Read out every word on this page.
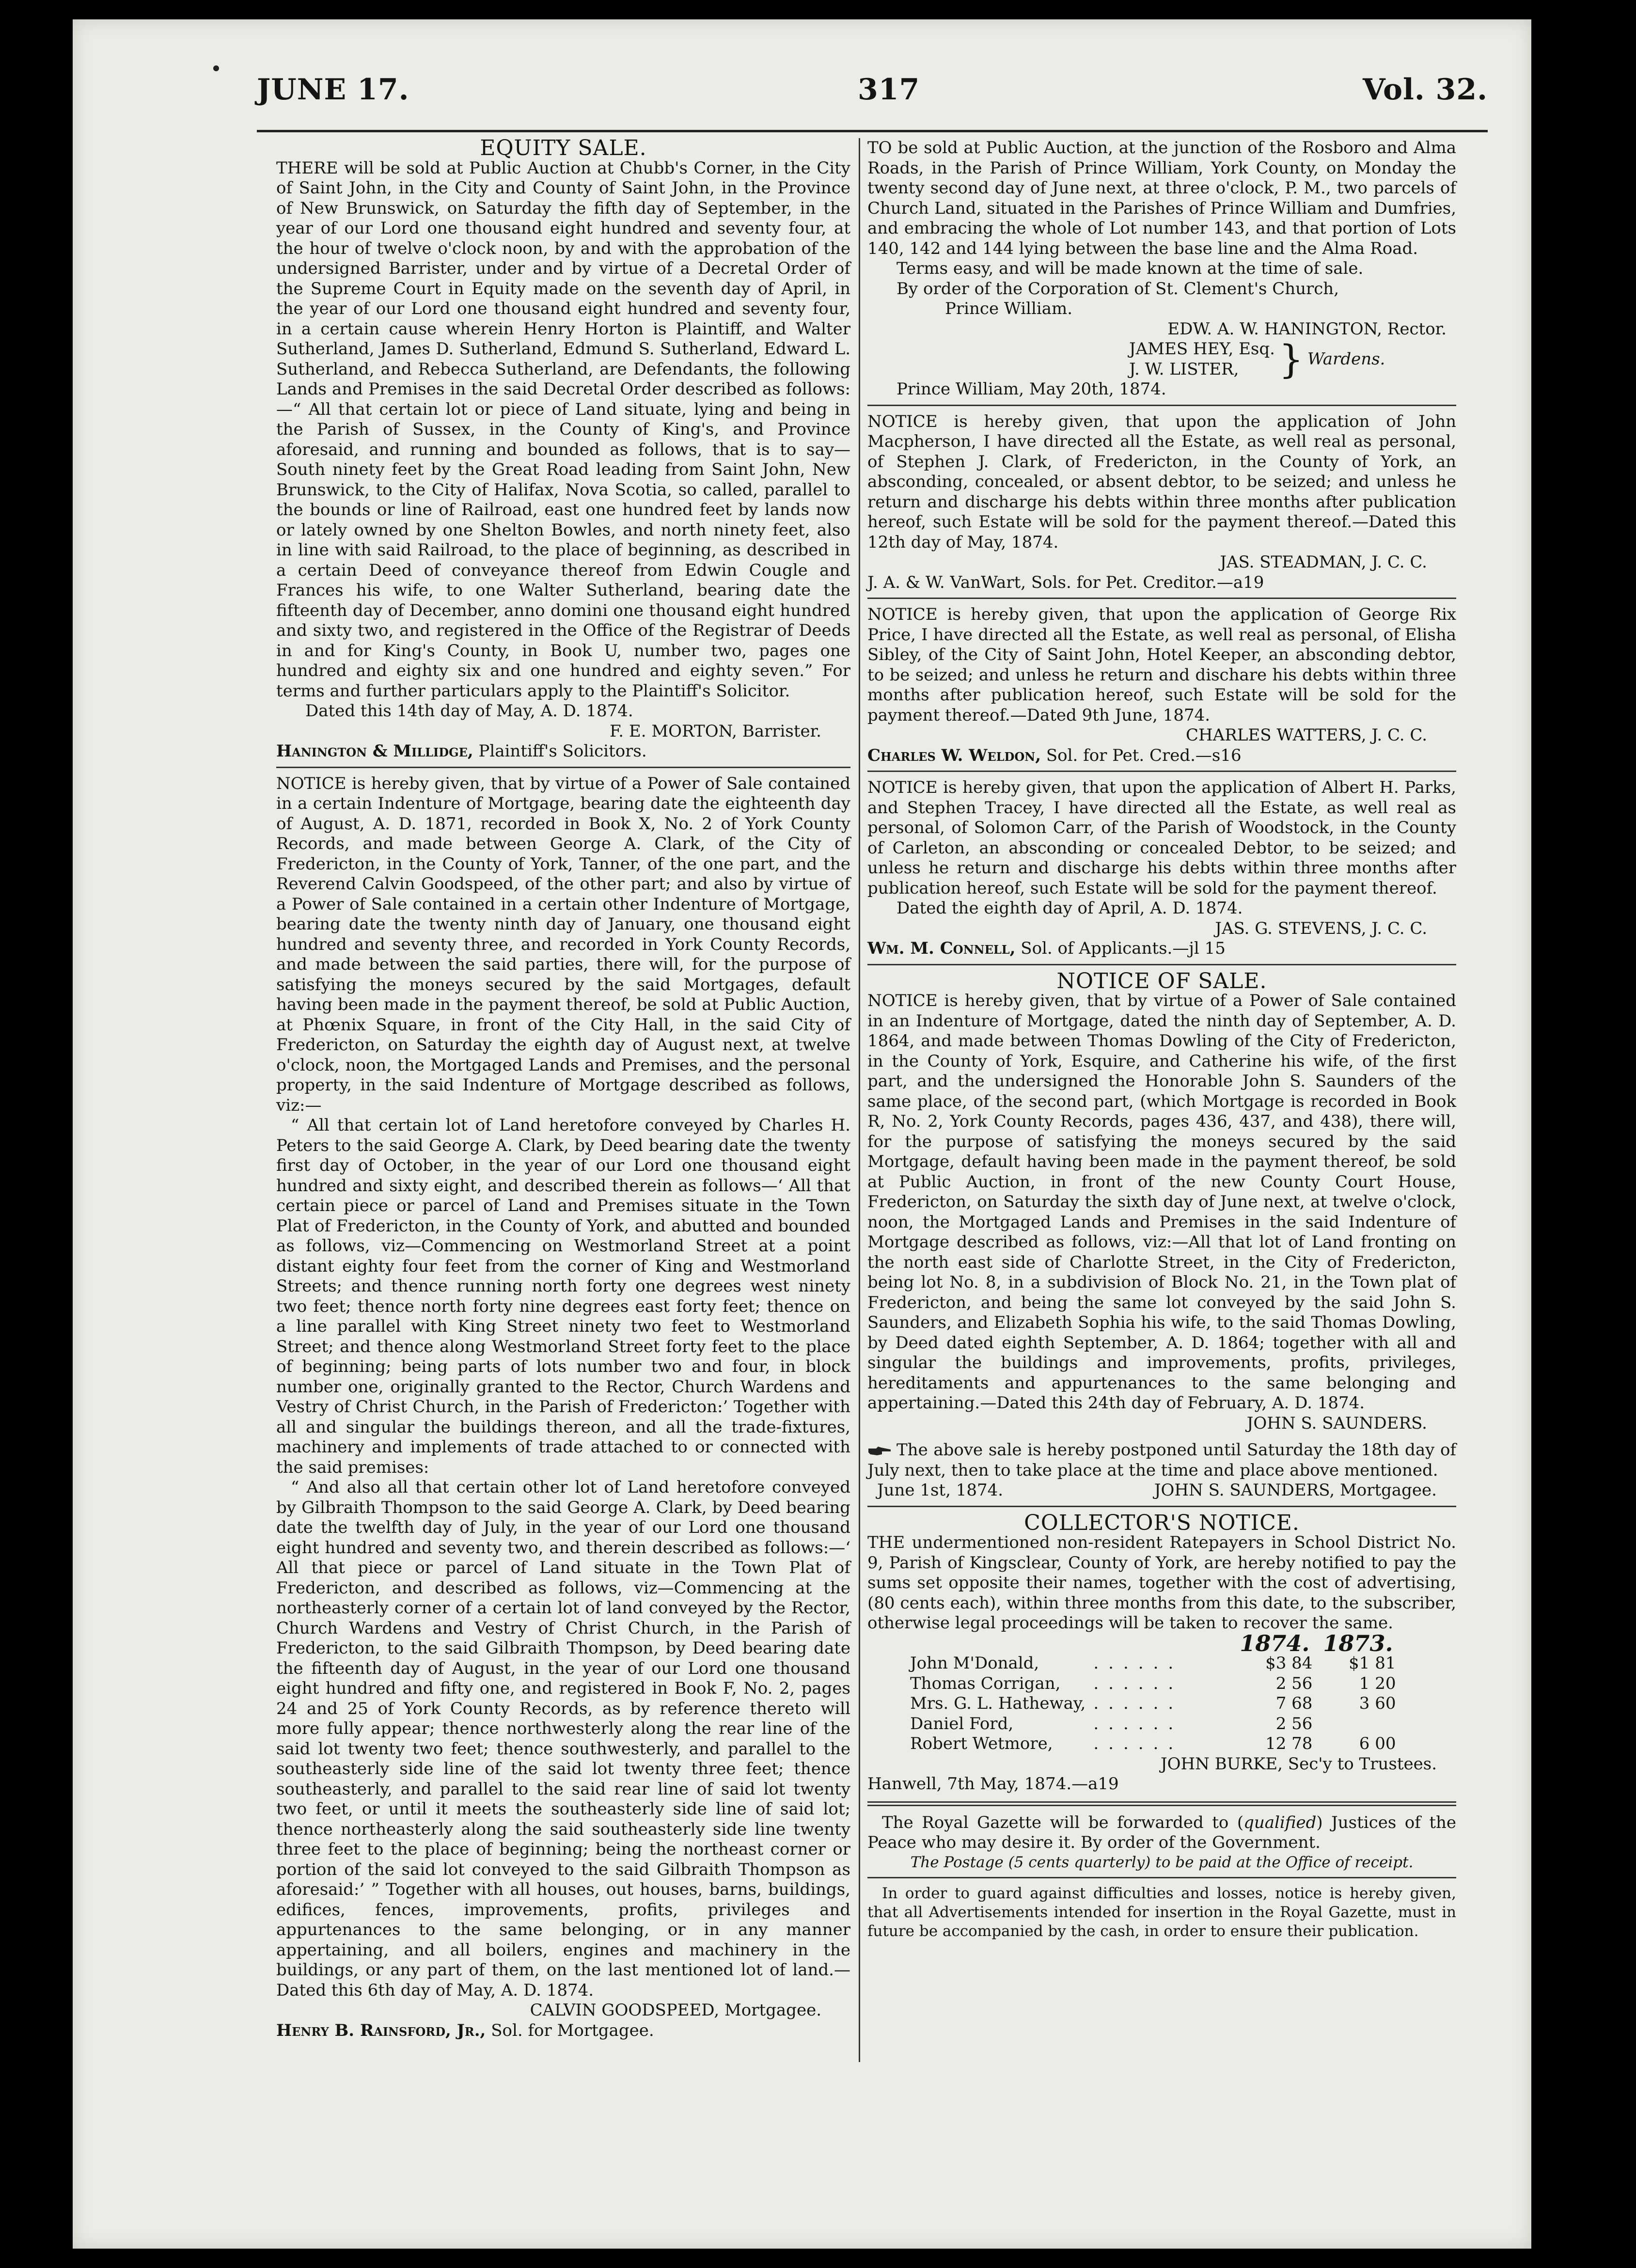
JUNE 17.	317	Vol. 32.

EQUITY SALE.

THERE will be sold at Public Auction at Chubb's Corner, in the City of Saint John, in the City and County of Saint John, in the Province of New Brunswick, on Saturday the fifth day of September, in the year of our Lord one thousand eight hundred and seventy four, at the hour of twelve o'clock noon, by and with the approbation of the undersigned Barrister, under and by virtue of a Decretal Order of the Supreme Court in Equity made on the seventh day of April, in the year of our Lord one thousand eight hundred and seventy four, in a certain cause wherein Henry Horton is Plaintiff, and Walter Sutherland, James D. Sutherland, Edmund S. Sutherland, Edward L. Sutherland, and Rebecca Sutherland, are Defendants, the following Lands and Premises in the said Decretal Order described as follows:—“ All that certain lot or piece of Land situate, lying and being in the Parish of Sussex, in the County of King's, and Province aforesaid, and running and bounded as follows, that is to say—South ninety feet by the Great Road leading from Saint John, New Brunswick, to the City of Halifax, Nova Scotia, so called, parallel to the bounds or line of Railroad, east one hundred feet by lands now or lately owned by one Shelton Bowles, and north ninety feet, also in line with said Railroad, to the place of beginning, as described in a certain Deed of conveyance thereof from Edwin Cougle and Frances his wife, to one Walter Sutherland, bearing date the fifteenth day of December, anno domini one thousand eight hundred and sixty two, and registered in the Office of the Registrar of Deeds in and for King's County, in Book U, number two, pages one hundred and eighty six and one hundred and eighty seven.” For terms and further particulars apply to the Plaintiff's Solicitor.

Dated this 14th day of May, A. D. 1874.

F. E. MORTON, Barrister.

Hanington & Millidge, Plaintiff's Solicitors.

NOTICE is hereby given, that by virtue of a Power of Sale contained in a certain Indenture of Mortgage, bearing date the eighteenth day of August, A. D. 1871, recorded in Book X, No. 2 of York County Records, and made between George A. Clark, of the City of Fredericton, in the County of York, Tanner, of the one part, and the Reverend Calvin Goodspeed, of the other part; and also by virtue of a Power of Sale contained in a certain other Indenture of Mortgage, bearing date the twenty ninth day of January, one thousand eight hundred and seventy three, and recorded in York County Records, and made between the said parties, there will, for the purpose of satisfying the moneys secured by the said Mortgages, default having been made in the payment thereof, be sold at Public Auction, at Phœnix Square, in front of the City Hall, in the said City of Fredericton, on Saturday the eighth day of August next, at twelve o'clock, noon, the Mortgaged Lands and Premises, and the personal property, in the said Indenture of Mortgage described as follows, viz:—

“ All that certain lot of Land heretofore conveyed by Charles H. Peters to the said George A. Clark, by Deed bearing date the twenty first day of October, in the year of our Lord one thousand eight hundred and sixty eight, and described therein as follows—‘ All that certain piece or parcel of Land and Premises situate in the Town Plat of Fredericton, in the County of York, and abutted and bounded as follows, viz—Commencing on Westmorland Street at a point distant eighty four feet from the corner of King and Westmorland Streets; and thence running north forty one degrees west ninety two feet; thence north forty nine degrees east forty feet; thence on a line parallel with King Street ninety two feet to Westmorland Street; and thence along Westmorland Street forty feet to the place of beginning; being parts of lots number two and four, in block number one, originally granted to the Rector, Church Wardens and Vestry of Christ Church, in the Parish of Fredericton:’ Together with all and singular the buildings thereon, and all the trade-fixtures, machinery and implements of trade attached to or connected with the said premises:

“ And also all that certain other lot of Land heretofore conveyed by Gilbraith Thompson to the said George A. Clark, by Deed bearing date the twelfth day of July, in the year of our Lord one thousand eight hundred and seventy two, and therein described as follows:—‘ All that piece or parcel of Land situate in the Town Plat of Fredericton, and described as follows, viz—Commencing at the northeasterly corner of a certain lot of land conveyed by the Rector, Church Wardens and Vestry of Christ Church, in the Parish of Fredericton, to the said Gilbraith Thompson, by Deed bearing date the fifteenth day of August, in the year of our Lord one thousand eight hundred and fifty one, and registered in Book F, No. 2, pages 24 and 25 of York County Records, as by reference thereto will more fully appear; thence northwesterly along the rear line of the said lot twenty two feet; thence southwesterly, and parallel to the southeasterly side line of the said lot twenty three feet; thence southeasterly, and parallel to the said rear line of said lot twenty two feet, or until it meets the southeasterly side line of said lot; thence northeasterly along the said southeasterly side line twenty three feet to the place of beginning; being the northeast corner or portion of the said lot conveyed to the said Gilbraith Thompson as aforesaid:’ ” Together with all houses, out houses, barns, buildings, edifices, fences, improvements, profits, privileges and appurtenances to the same belonging, or in any manner appertaining, and all boilers, engines and machinery in the buildings, or any part of them, on the last mentioned lot of land.—Dated this 6th day of May, A. D. 1874.

CALVIN GOODSPEED, Mortgagee.

Henry B. Rainsford, Jr., Sol. for Mortgagee.

TO be sold at Public Auction, at the junction of the Rosboro and Alma Roads, in the Parish of Prince William, York County, on Monday the twenty second day of June next, at three o'clock, P. M., two parcels of Church Land, situated in the Parishes of Prince William and Dumfries, and embracing the whole of Lot number 143, and that portion of Lots 140, 142 and 144 lying between the base line and the Alma Road.

Terms easy, and will be made known at the time of sale.

By order of the Corporation of St. Clement's Church,

Prince William.

EDW. A. W. HANINGTON, Rector.

JAMES HEY, Esq.
J. W. LISTER,	} Wardens.

Prince William, May 20th, 1874.

NOTICE is hereby given, that upon the application of John Macpherson, I have directed all the Estate, as well real as personal, of Stephen J. Clark, of Fredericton, in the County of York, an absconding, concealed, or absent debtor, to be seized; and unless he return and discharge his debts within three months after publication hereof, such Estate will be sold for the payment thereof.—Dated this 12th day of May, 1874.

JAS. STEADMAN, J. C. C.

J. A. & W. VanWart, Sols. for Pet. Creditor.—a19

NOTICE is hereby given, that upon the application of George Rix Price, I have directed all the Estate, as well real as personal, of Elisha Sibley, of the City of Saint John, Hotel Keeper, an absconding debtor, to be seized; and unless he return and dischare his debts within three months after publication hereof, such Estate will be sold for the payment thereof.—Dated 9th June, 1874.

CHARLES WATTERS, J. C. C.

Charles W. Weldon, Sol. for Pet. Cred.—s16

NOTICE is hereby given, that upon the application of Albert H. Parks, and Stephen Tracey, I have directed all the Estate, as well real as personal, of Solomon Carr, of the Parish of Woodstock, in the County of Carleton, an absconding or concealed Debtor, to be seized; and unless he return and discharge his debts within three months after publication hereof, such Estate will be sold for the payment thereof.

Dated the eighth day of April, A. D. 1874.

JAS. G. STEVENS, J. C. C.

Wm. M. Connell, Sol. of Applicants.—jl 15

NOTICE OF SALE.

NOTICE is hereby given, that by virtue of a Power of Sale contained in an Indenture of Mortgage, dated the ninth day of September, A. D. 1864, and made between Thomas Dowling of the City of Fredericton, in the County of York, Esquire, and Catherine his wife, of the first part, and the undersigned the Honorable John S. Saunders of the same place, of the second part, (which Mortgage is recorded in Book R, No. 2, York County Records, pages 436, 437, and 438), there will, for the purpose of satisfying the moneys secured by the said Mortgage, default having been made in the payment thereof, be sold at Public Auction, in front of the new County Court House, Fredericton, on Saturday the sixth day of June next, at twelve o'clock, noon, the Mortgaged Lands and Premises in the said Indenture of Mortgage described as follows, viz:—All that lot of Land fronting on the north east side of Charlotte Street, in the City of Fredericton, being lot No. 8, in a subdivision of Block No. 21, in the Town plat of Fredericton, and being the same lot conveyed by the said John S. Saunders, and Elizabeth Sophia his wife, to the said Thomas Dowling, by Deed dated eighth September, A. D. 1864; together with all and singular the buildings and improvements, profits, privileges, hereditaments and appurtenances to the same belonging and appertaining.—Dated this 24th day of February, A. D. 1874.

JOHN S. SAUNDERS.

The above sale is hereby postponed until Saturday the 18th day of July next, then to take place at the time and place above mentioned.

June 1st, 1874.	JOHN S. SAUNDERS, Mortgagee.

COLLECTOR'S NOTICE.

THE undermentioned non-resident Ratepayers in School District No. 9, Parish of Kingsclear, County of York, are hereby notified to pay the sums set opposite their names, together with the cost of advertising, (80 cents each), within three months from this date, to the subscriber, otherwise legal proceedings will be taken to recover the same.

		1874.	1873.
John M'Donald,	......	$3 84	$1 81
Thomas Corrigan,	......	2 56	1 20
Mrs. G. L. Hatheway,	......	7 68	3 60
Daniel Ford,	......	2 56	
Robert Wetmore,	......	12 78	6 00

JOHN BURKE, Sec'y to Trustees.

Hanwell, 7th May, 1874.—a19

The Royal Gazette will be forwarded to (qualified) Justices of the Peace who may desire it. By order of the Government.

The Postage (5 cents quarterly) to be paid at the Office of receipt.

In order to guard against difficulties and losses, notice is hereby given, that all Advertisements intended for insertion in the Royal Gazette, must in future be accompanied by the cash, in order to ensure their publication.
